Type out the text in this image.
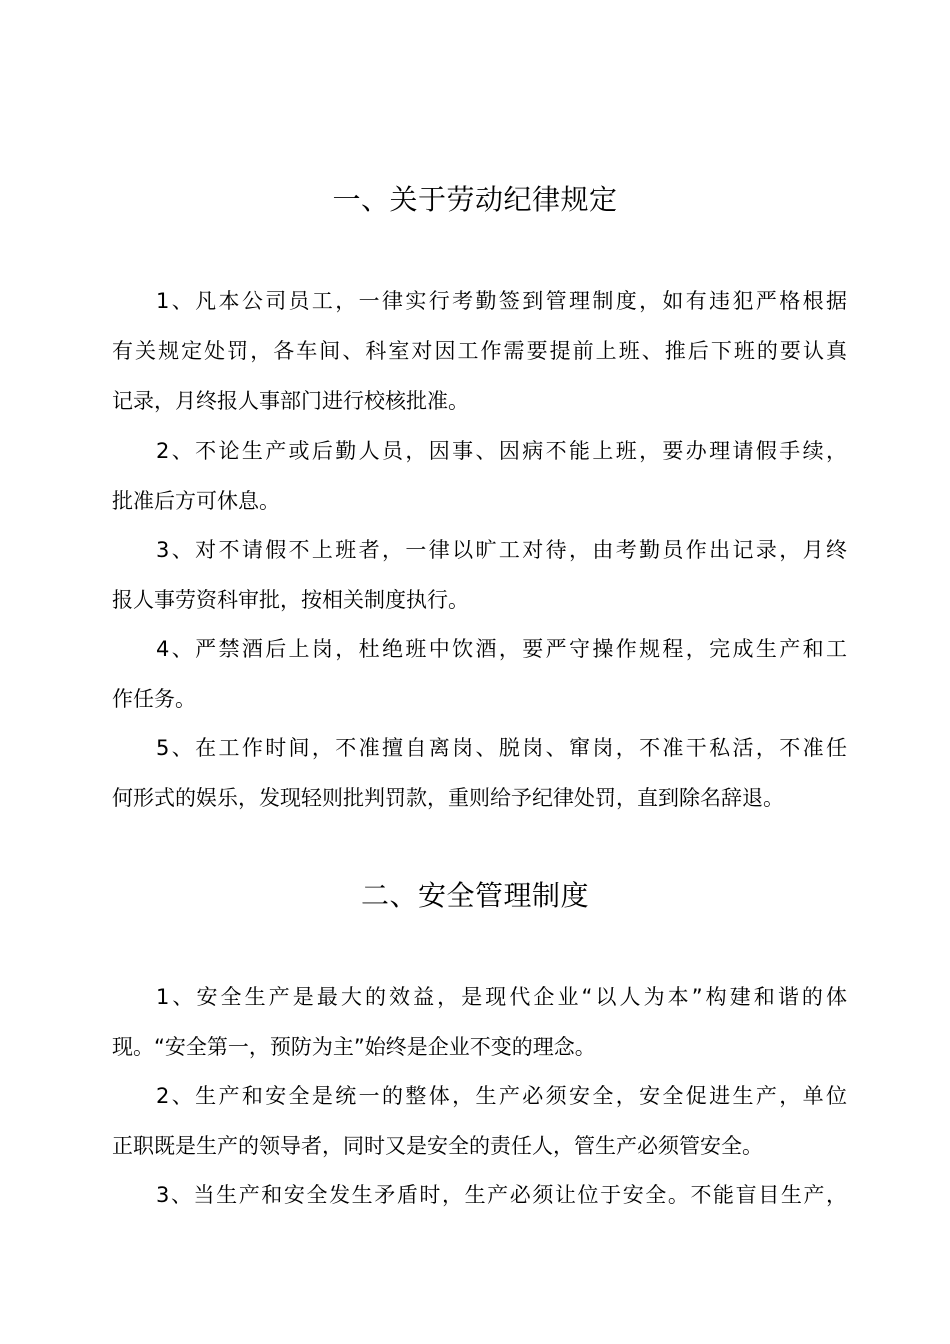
一、关于劳动纪律规定

1、凡本公司员工，一律实行考勤签到管理制度，如有违犯严格根据
有关规定处罚，各车间、科室对因工作需要提前上班、推后下班的要认真
记录，月终报人事部门进行校核批准。

2、不论生产或后勤人员，因事、因病不能上班，要办理请假手续，
批准后方可休息。

3、对不请假不上班者，一律以旷工对待，由考勤员作出记录，月终
报人事劳资科审批，按相关制度执行。

4、严禁酒后上岗，杜绝班中饮酒，要严守操作规程，完成生产和工
作任务。

5、在工作时间，不准擅自离岗、脱岗、窜岗，不准干私活，不准任
何形式的娱乐，发现轻则批判罚款，重则给予纪律处罚，直到除名辞退。

二、安全管理制度

1、安全生产是最大的效益，是现代企业“以人为本”构建和谐的体
现。“安全第一，预防为主”始终是企业不变的理念。

2、生产和安全是统一的整体，生产必须安全，安全促进生产，单位
正职既是生产的领导者，同时又是安全的责任人，管生产必须管安全。

3、当生产和安全发生矛盾时，生产必须让位于安全。不能盲目生产，
